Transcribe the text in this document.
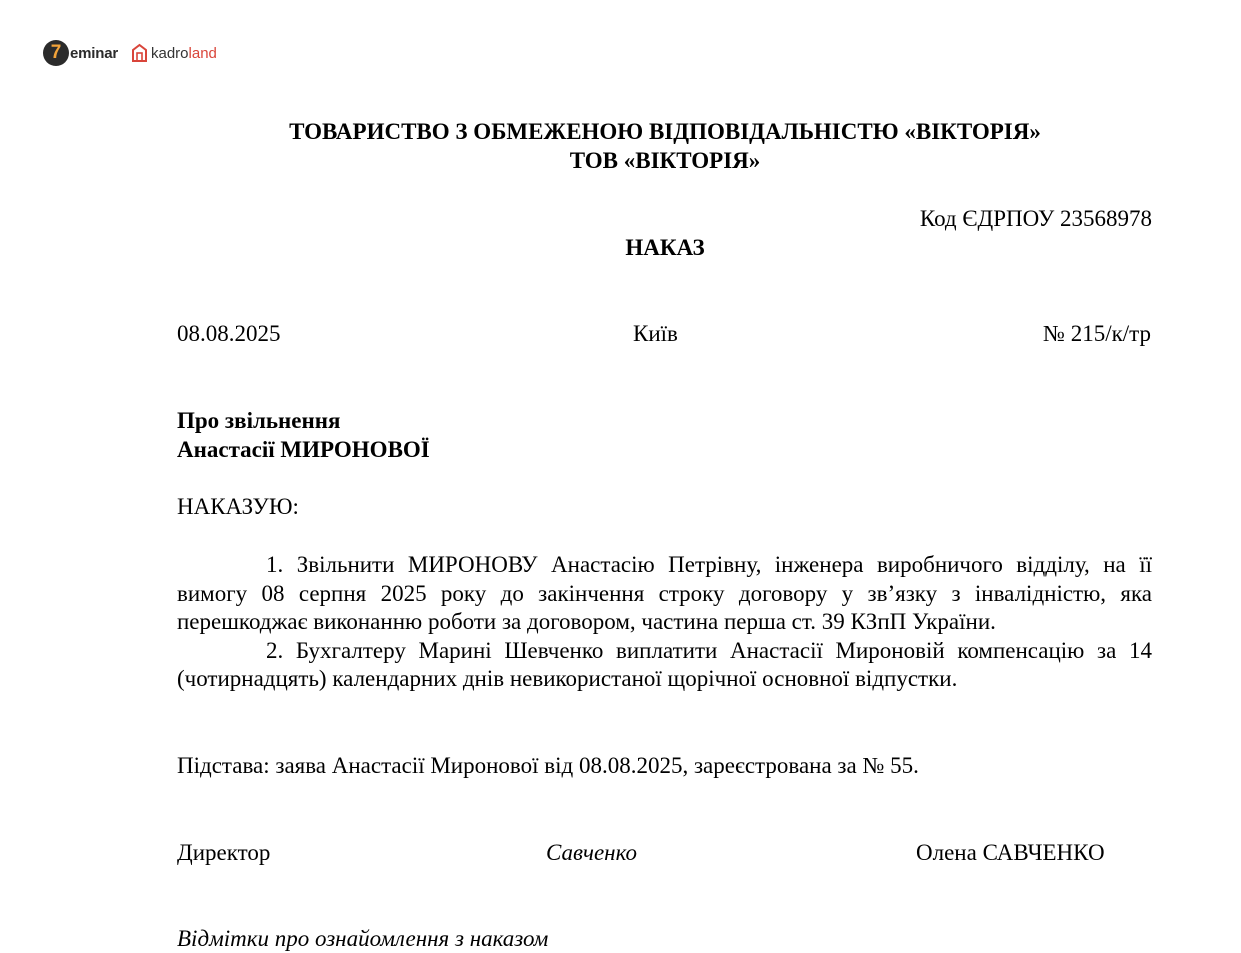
7 eminar kadro land
ТОВАРИСТВО З ОБМЕЖЕНОЮ ВІДПОВІДАЛЬНІСТЮ «ВІКТОРІЯ»
ТОВ «ВІКТОРІЯ»
Код ЄДРПОУ 23568978
НАКАЗ
08.08.2025	Київ	№ 215/к/тр
Про звільнення
Анастасії МИРОНОВОЇ
НАКАЗУЮ:

1. Звільнити МИРОНОВУ Анастасію Петрівну, інженера виробничого відділу, на її вимогу 08 серпня 2025 року до закінчення строку договору у зв’язку з інвалідністю, яка перешкоджає виконанню роботи за договором, частина перша ст. 39 КЗпП України.

2. Бухгалтеру Марині Шевченко виплатити Анастасії Мироновій компенсацію за 14 (чотирнадцять) календарних днів невикористаної щорічної основної відпустки.

Підстава: заява Анастасії Миронової від 08.08.2025, зареєстрована за № 55.
Директор	Савченко	Олена САВЧЕНКО
Відмітки про ознайомлення з наказом
